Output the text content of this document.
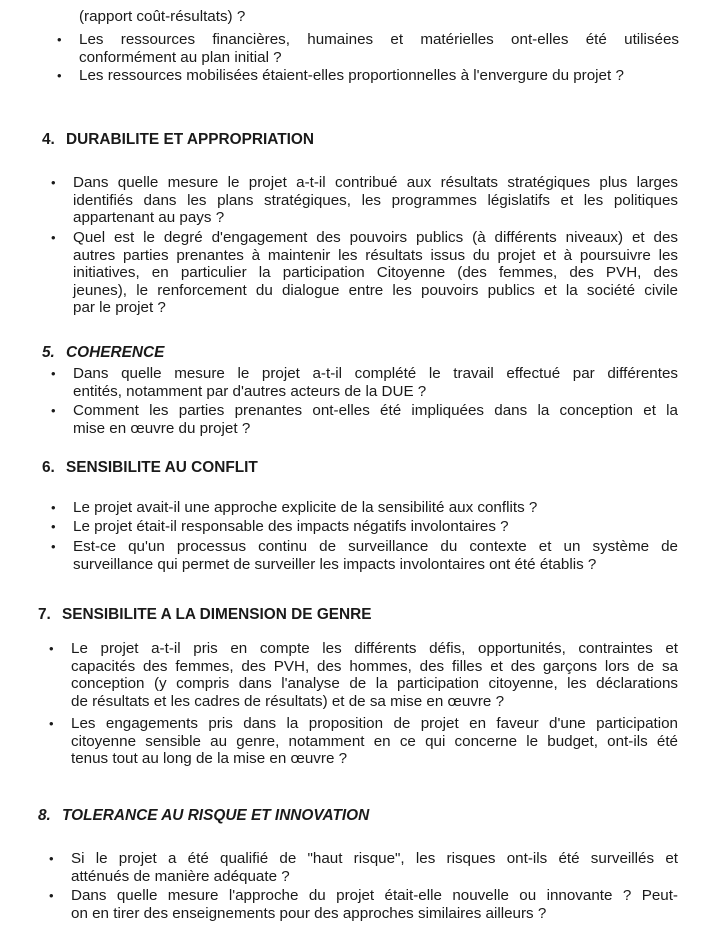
(rapport coût-résultats) ?
•	Les ressources financières, humaines et matérielles ont-elles été utilisées
conformément au plan initial ?
•	Les ressources mobilisées étaient-elles proportionnelles à l'envergure du projet ?
4. DURABILITE ET APPROPRIATION
•	Dans quelle mesure le projet a-t-il contribué aux résultats stratégiques plus larges
identifiés dans les plans stratégiques, les programmes législatifs et les politiques
appartenant au pays ?
•	Quel est le degré d'engagement des pouvoirs publics (à différents niveaux) et des
autres parties prenantes à maintenir les résultats issus du projet et à poursuivre les
initiatives, en particulier la participation Citoyenne (des femmes, des PVH, des
jeunes), le renforcement du dialogue entre les pouvoirs publics et la société civile
par le projet ?
5. COHERENCE
•	Dans quelle mesure le projet a-t-il complété le travail effectué par différentes
entités, notamment par d'autres acteurs de la DUE ?
•	Comment les parties prenantes ont-elles été impliquées dans la conception et la
mise en œuvre du projet ?
6. SENSIBILITE AU CONFLIT
•	Le projet avait-il une approche explicite de la sensibilité aux conflits ?
•	Le projet était-il responsable des impacts négatifs involontaires ?
•	Est-ce qu'un processus continu de surveillance du contexte et un système de
surveillance qui permet de surveiller les impacts involontaires ont été établis ?
7. SENSIBILITE A LA DIMENSION DE GENRE
•	Le projet a-t-il pris en compte les différents défis, opportunités, contraintes et
capacités des femmes, des PVH, des hommes, des filles et des garçons lors de sa
conception (y compris dans l'analyse de la participation citoyenne, les déclarations
de résultats et les cadres de résultats) et de sa mise en œuvre ?
•	Les engagements pris dans la proposition de projet en faveur d'une participation
citoyenne sensible au genre, notamment en ce qui concerne le budget, ont-ils été
tenus tout au long de la mise en œuvre ?
8. TOLERANCE AU RISQUE ET INNOVATION
•	Si le projet a été qualifié de "haut risque", les risques ont-ils été surveillés et
atténués de manière adéquate ?
•	Dans quelle mesure l'approche du projet était-elle nouvelle ou innovante ? Peut-
on en tirer des enseignements pour des approches similaires ailleurs ?
